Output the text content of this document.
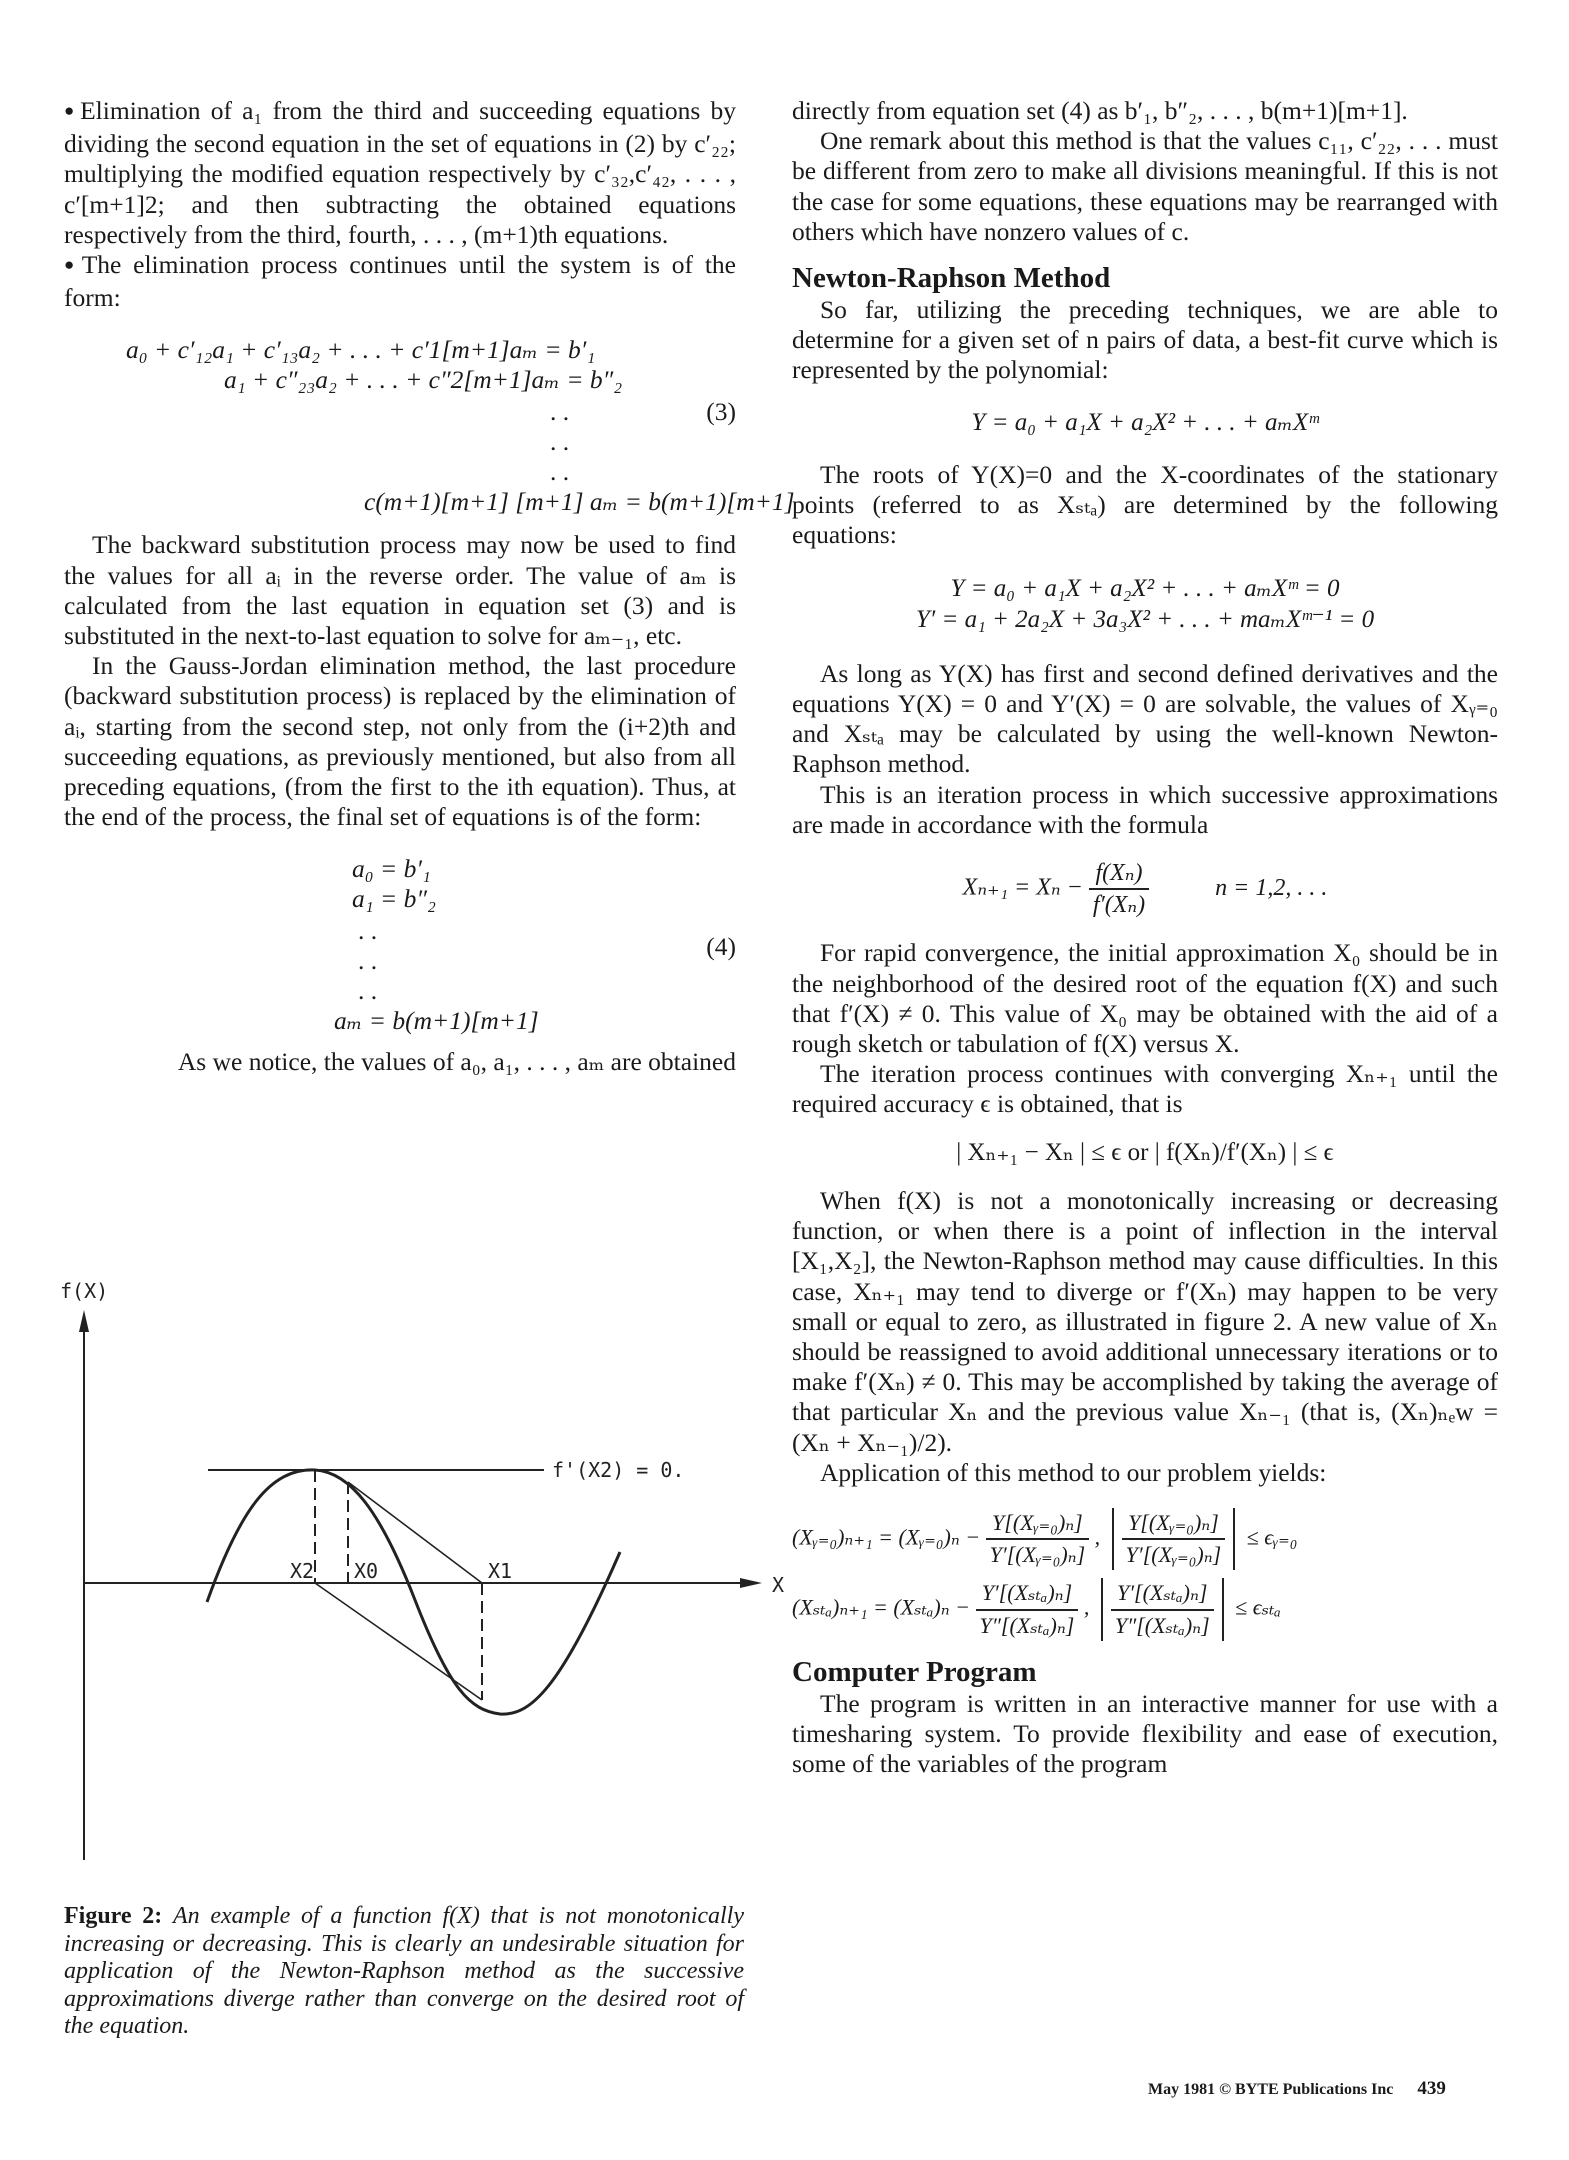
● Elimination of a₁ from the third and succeeding equations by dividing the second equation in the set of equations in (2) by c′₂₂; multiplying the modified equation respectively by c′₃₂,c′₄₂, . . . , c′[m+1]2; and then subtracting the obtained equations respectively from the third, fourth, . . . , (m+1)th equations.

● The elimination process continues until the system is of the form:

a₀ + c′₁₂a₁ + c′₁₃a₂ + . . . + c′1[m+1]aₘ = b′₁
a₁ + c″₂₃a₂ + . . . + c″2[m+1]aₘ = b″₂
. .
. .
. .
(3)
c(m+1)[m+1] [m+1] aₘ = b(m+1)[m+1]

The backward substitution process may now be used to find the values for all aᵢ in the reverse order. The value of aₘ is calculated from the last equation in equation set (3) and is substituted in the next-to-last equation to solve for aₘ₋₁, etc.

In the Gauss-Jordan elimination method, the last procedure (backward substitution process) is replaced by the elimination of aᵢ, starting from the second step, not only from the (i+2)th and succeeding equations, as previously mentioned, but also from all preceding equations, (from the first to the ith equation). Thus, at the end of the process, the final set of equations is of the form:

a₀ = b′₁
a₁ = b″₂
. .
. .
. .
(4)
aₘ = b(m+1)[m+1]

As we notice, the values of a₀, a₁, . . . , aₘ are obtained

f(X)
X
f'(X2) = 0.
X2 X0	X1
Figure 2: An example of a function f(X) that is not monotonically increasing or decreasing. This is clearly an undesirable situation for application of the Newton-Raphson method as the successive approximations diverge rather than converge on the desired root of the equation.

directly from equation set (4) as b′₁, b″₂, . . . , b(m+1)[m+1].

One remark about this method is that the values c₁₁, c′₂₂, . . . must be different from zero to make all divisions meaningful. If this is not the case for some equations, these equations may be rearranged with others which have nonzero values of c.

Newton-Raphson Method

So far, utilizing the preceding techniques, we are able to determine for a given set of n pairs of data, a best-fit curve which is represented by the polynomial:

Y = a₀ + a₁X + a₂X² + . . . + aₘXᵐ

The roots of Y(X)=0 and the X-coordinates of the stationary points (referred to as Xₛₜₐ) are determined by the following equations:

Y = a₀ + a₁X + a₂X² + . . . + aₘXᵐ = 0
Y′ = a₁ + 2a₂X + 3a₃X² + . . . + maₘXᵐ⁻¹ = 0

As long as Y(X) has first and second defined derivatives and the equations Y(X) = 0 and Y′(X) = 0 are solvable, the values of Xᵧ₌₀ and Xₛₜₐ may be calculated by using the well-known Newton-Raphson method.

This is an iteration process in which successive approximations are made in accordance with the formula

$X_{n+1} = X_n - \frac{\text{f(Xₙ)}}{\text{f′(Xₙ)}}$	n = 1,2, . . .

For rapid convergence, the initial approximation X₀ should be in the neighborhood of the desired root of the equation f(X) and such that f′(X) ≠ 0. This value of X₀ may be obtained with the aid of a rough sketch or tabulation of f(X) versus X.

The iteration process continues with converging Xₙ₊₁ until the required accuracy ϵ is obtained, that is

| Xₙ₊₁ − Xₙ | ≤ ϵ or | f(Xₙ)/f′(Xₙ) | ≤ ϵ

When f(X) is not a monotonically increasing or decreasing function, or when there is a point of inflection in the interval [X₁,X₂], the Newton-Raphson method may cause difficulties. In this case, Xₙ₊₁ may tend to diverge or f′(Xₙ) may happen to be very small or equal to zero, as illustrated in figure 2. A new value of Xₙ should be reassigned to avoid additional unnecessary iterations or to make f′(Xₙ) ≠ 0. This may be accomplished by taking the average of that particular Xₙ and the previous value Xₙ₋₁ (that is, (Xₙ)ₙₑw = (Xₙ + Xₙ₋₁)/2).

Application of this method to our problem yields:

(Xᵧ₌₀)ₙ₊₁ = (Xᵧ₌₀)ₙ − $\frac{\text{Y[(Xᵧ₌₀)ₙ]}}{\text{Y′[(Xᵧ₌₀)ₙ]}}$ , $\frac{\text{Y[(Xᵧ₌₀)ₙ]}}{\text{Y′[(Xᵧ₌₀)ₙ]}}$ ≤ ϵᵧ₌₀
$(X_{sta})_{n+1} = (X_{sta})_n - \frac{\text{Y′[(Xₛₜₐ)ₙ]}}{\text{Y″[(Xₛₜₐ)ₙ]}}$ , $\frac{\text{Y′[(Xₛₜₐ)ₙ]}}{\text{Y″[(Xₛₜₐ)ₙ]}} \le \epsilon_{sta}$
Computer Program

The program is written in an interactive manner for use with a timesharing system. To provide flexibility and ease of execution, some of the variables of the program

May 1981 © BYTE Publications Inc 439
